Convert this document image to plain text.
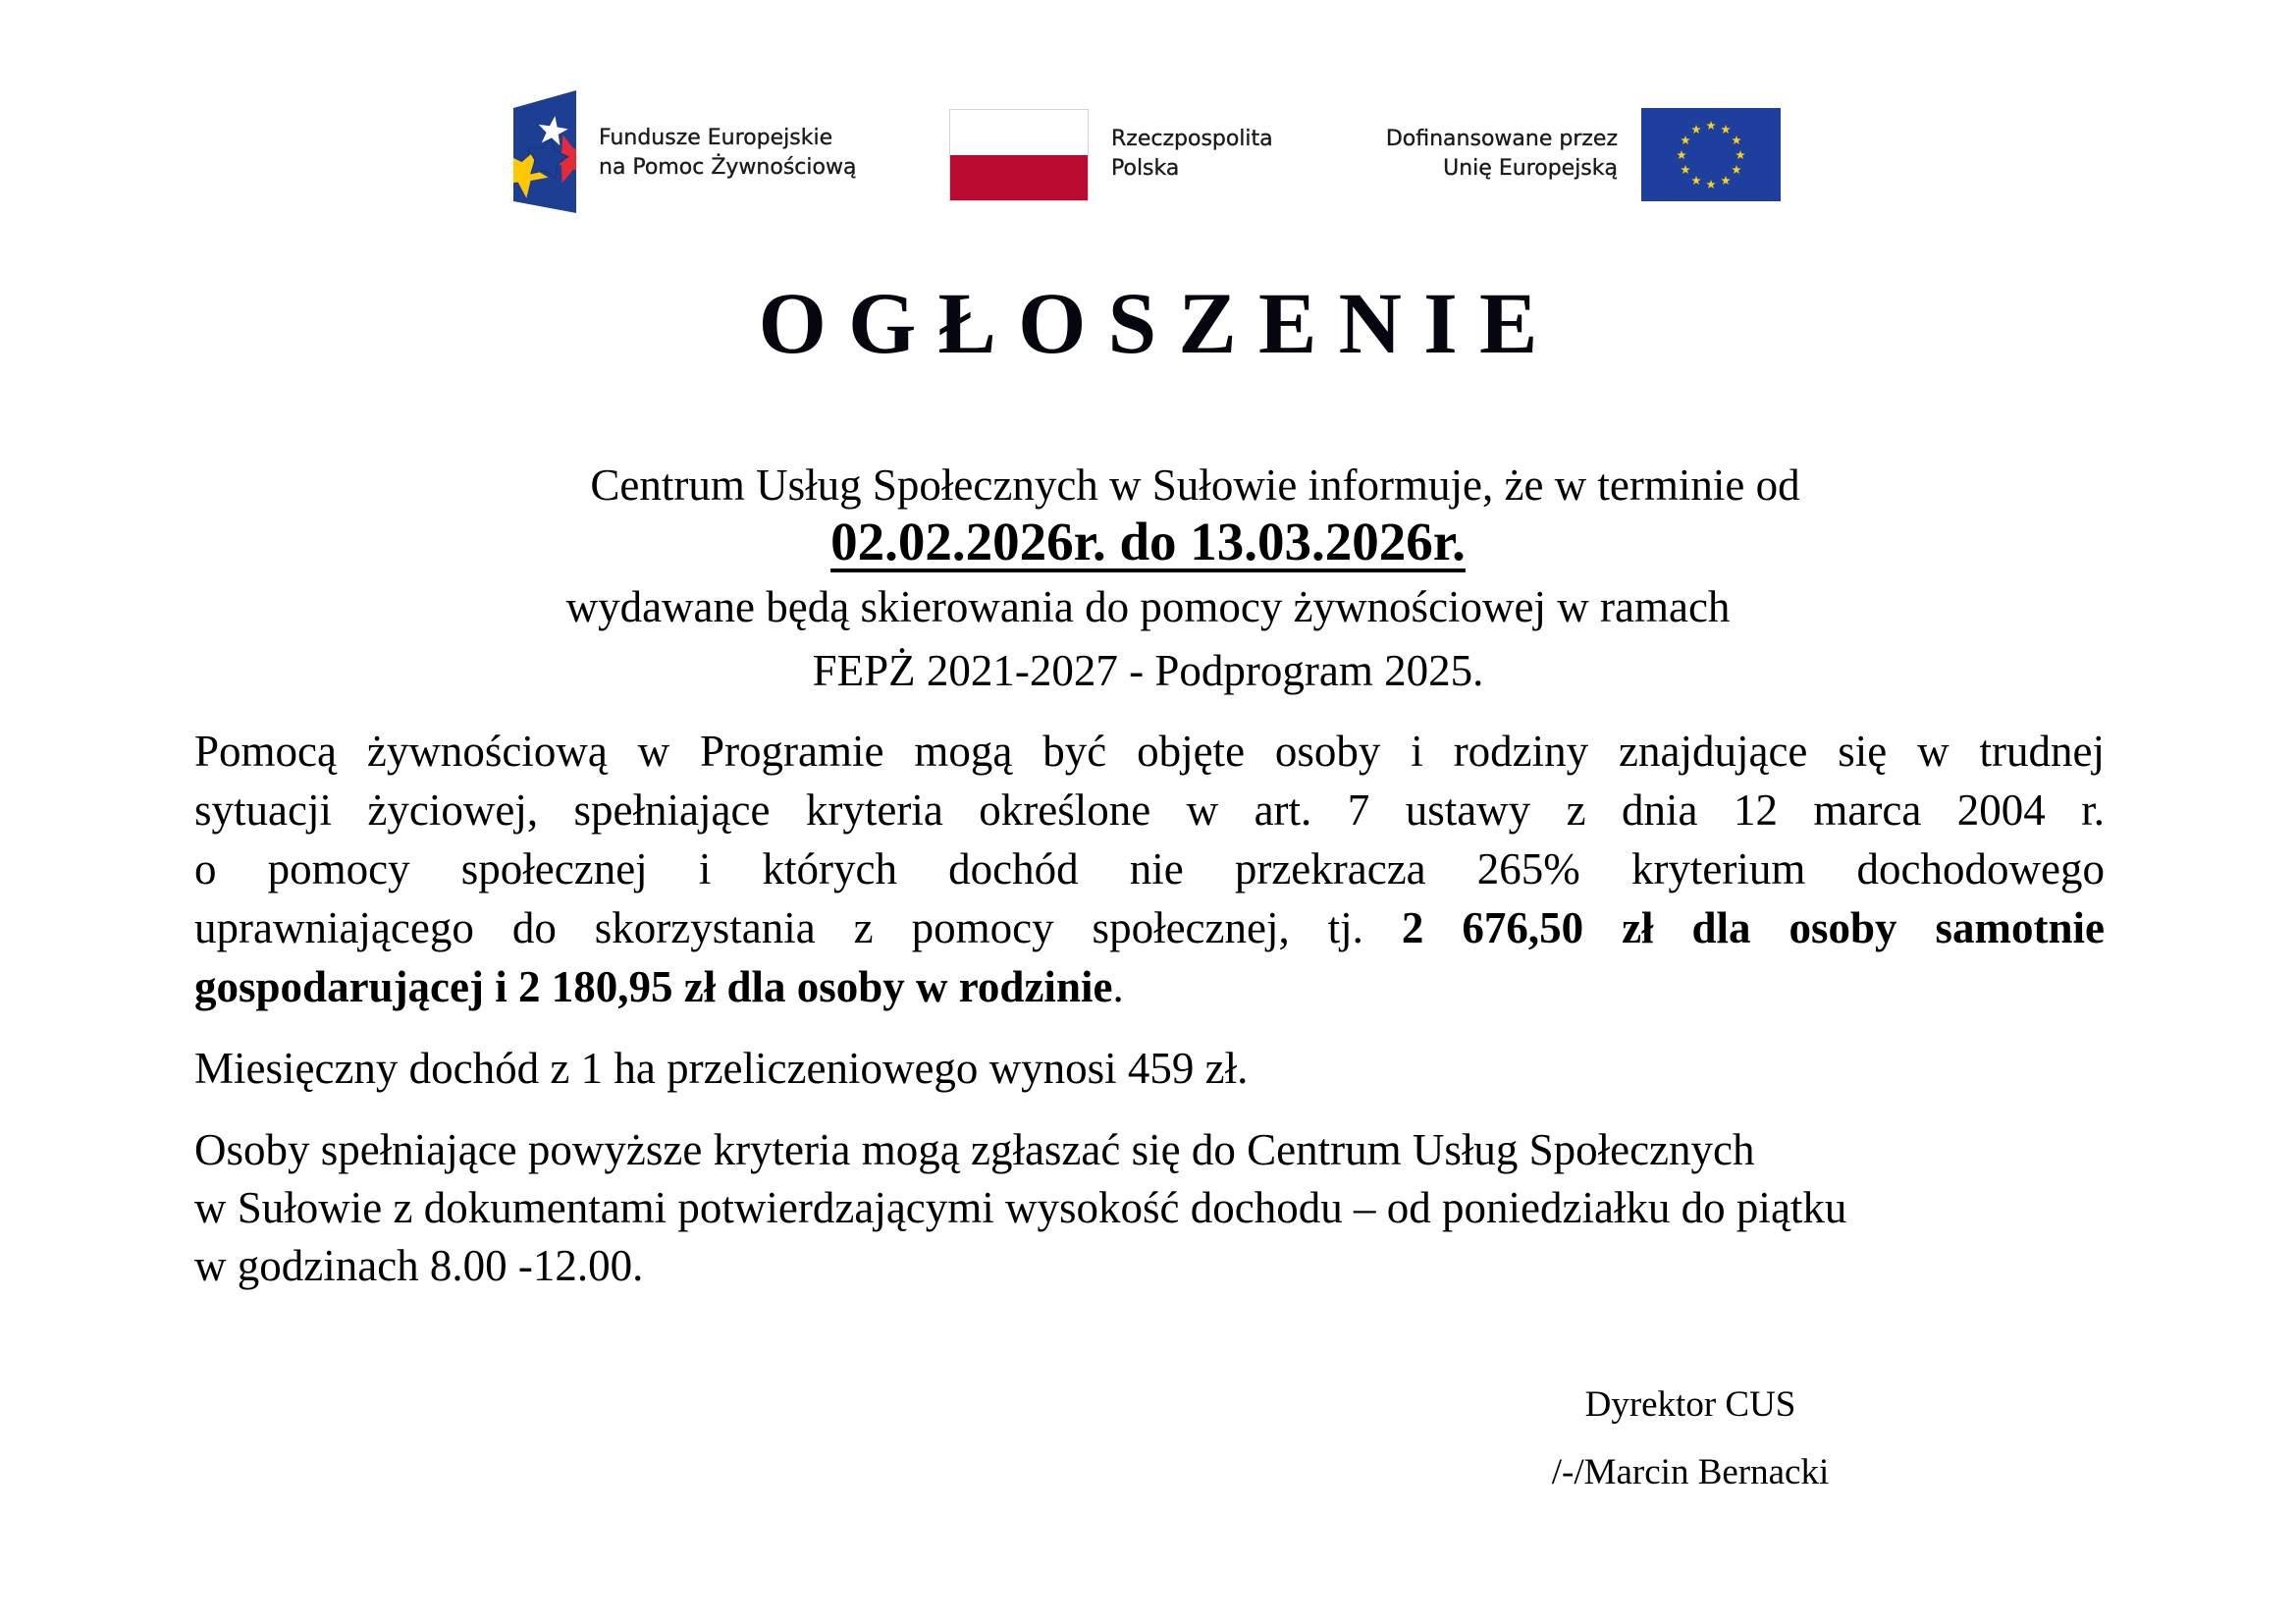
Fundusze Europejskie
na Pomoc Żywnościową
Rzeczpospolita
Polska
Dofinansowane przez
Unię Europejską
O G Ł O S Z E N I E
Centrum Usług Społecznych w Sułowie informuje, że w terminie od
02.02.2026r. do 13.03.2026r.
wydawane będą skierowania do pomocy żywnościowej w ramach
FEPŻ 2021-2027 - Podprogram 2025.
Pomocą żywnościową w Programie mogą być objęte osoby i rodziny znajdujące się w trudnej
sytuacji życiowej, spełniające kryteria określone w art. 7 ustawy z dnia 12 marca 2004 r.
o pomocy społecznej i których dochód nie przekracza 265% kryterium dochodowego
uprawniającego do skorzystania z pomocy społecznej, tj. 2 676,50 zł dla osoby samotnie
gospodarującej i 2 180,95 zł dla osoby w rodzinie.
Miesięczny dochód z 1 ha przeliczeniowego wynosi 459 zł.
Osoby spełniające powyższe kryteria mogą zgłaszać się do Centrum Usług Społecznych
w Sułowie z dokumentami potwierdzającymi wysokość dochodu – od poniedziałku do piątku
w godzinach 8.00 -12.00.
Dyrektor CUS
/-/Marcin Bernacki
